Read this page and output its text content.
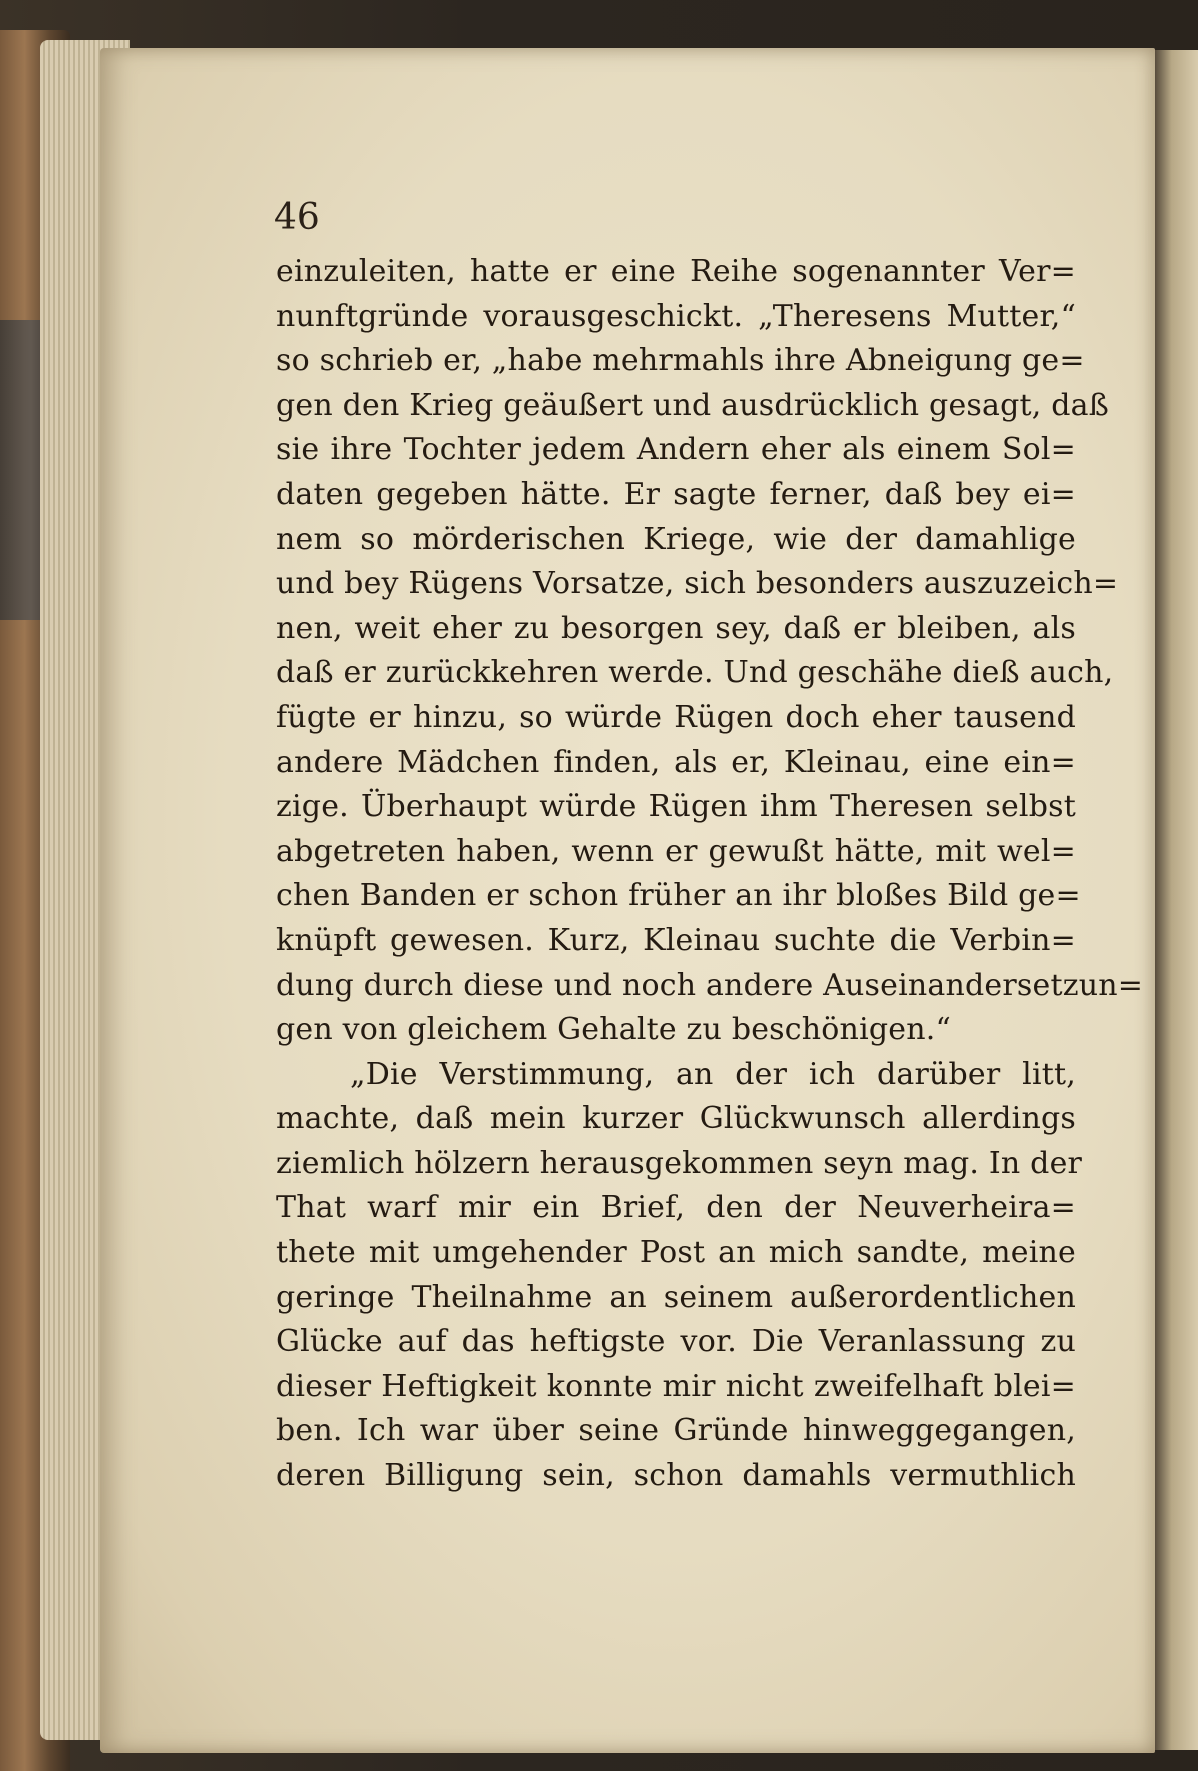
46
einzuleiten, hatte er eine Reihe sogenannter Ver=
nunftgründe vorausgeschickt. „Theresens Mutter,“
so schrieb er, „habe mehrmahls ihre Abneigung ge=
gen den Krieg geäußert und ausdrücklich gesagt, daß
sie ihre Tochter jedem Andern eher als einem Sol=
daten gegeben hätte. Er sagte ferner, daß bey ei=
nem so mörderischen Kriege, wie der damahlige
und bey Rügens Vorsatze, sich besonders auszuzeich=
nen, weit eher zu besorgen sey, daß er bleiben, als
daß er zurückkehren werde. Und geschähe dieß auch,
fügte er hinzu, so würde Rügen doch eher tausend
andere Mädchen finden, als er, Kleinau, eine ein=
zige. Überhaupt würde Rügen ihm Theresen selbst
abgetreten haben, wenn er gewußt hätte, mit wel=
chen Banden er schon früher an ihr bloßes Bild ge=
knüpft gewesen. Kurz, Kleinau suchte die Verbin=
dung durch diese und noch andere Auseinandersetzun=
gen von gleichem Gehalte zu beschönigen.“
„Die Verstimmung, an der ich darüber litt,
machte, daß mein kurzer Glückwunsch allerdings
ziemlich hölzern herausgekommen seyn mag. In der
That warf mir ein Brief, den der Neuverheira=
thete mit umgehender Post an mich sandte, meine
geringe Theilnahme an seinem außerordentlichen
Glücke auf das heftigste vor. Die Veranlassung zu
dieser Heftigkeit konnte mir nicht zweifelhaft blei=
ben. Ich war über seine Gründe hinweggegangen,
deren Billigung sein, schon damahls vermuthlich
